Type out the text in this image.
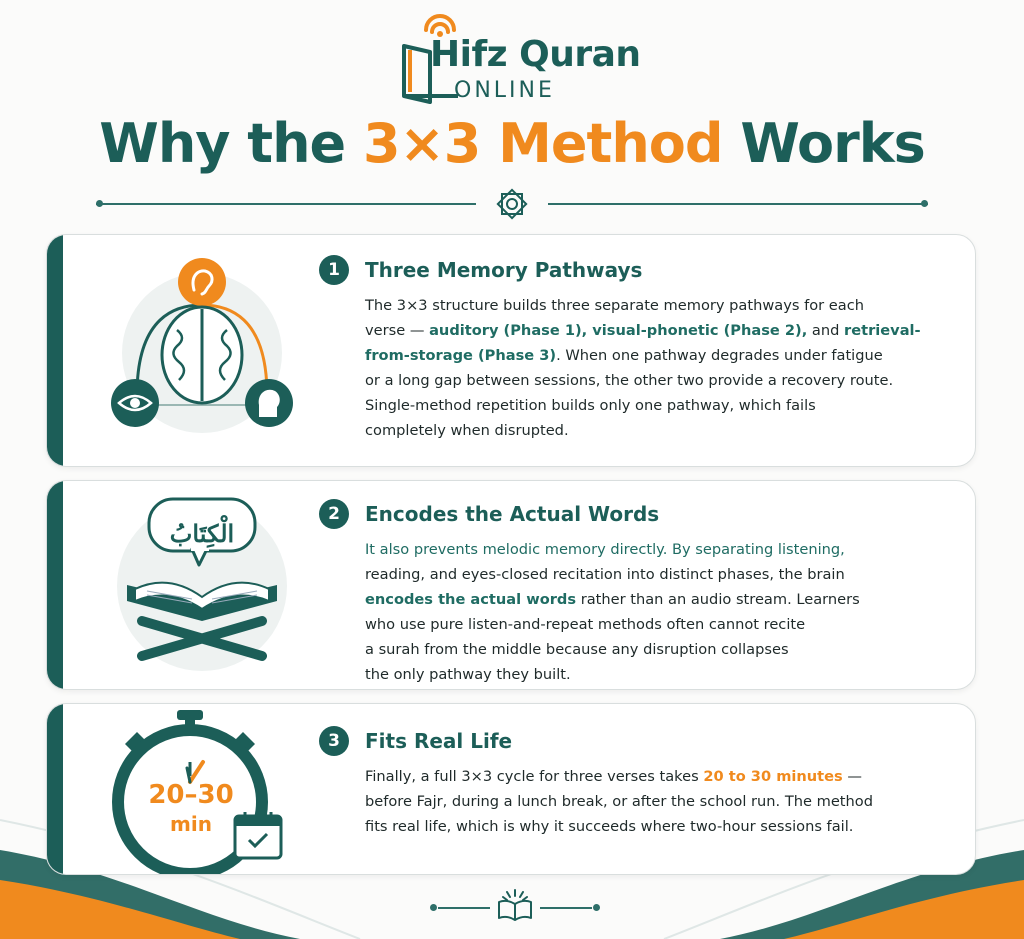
Hifz Quran
ONLINE
Why the 3×3 Method Works
1	Three Memory Pathways
The 3×3 structure builds three separate memory pathways for each
verse — auditory (Phase 1), visual-phonetic (Phase 2), and retrieval-
from-storage (Phase 3). When one pathway degrades under fatigue
or a long gap between sessions, the other two provide a recovery route.
Single-method repetition builds only one pathway, which fails
completely when disrupted.
الْكِتَابُ
2	Encodes the Actual Words
It also prevents melodic memory directly. By separating listening,
reading, and eyes-closed recitation into distinct phases, the brain
encodes the actual words rather than an audio stream. Learners
who use pure listen-and-repeat methods often cannot recite
a surah from the middle because any disruption collapses
the only pathway they built.
20–30
min
3	Fits Real Life
Finally, a full 3×3 cycle for three verses takes 20 to 30 minutes —
before Fajr, during a lunch break, or after the school run. The method
fits real life, which is why it succeeds where two-hour sessions fail.
